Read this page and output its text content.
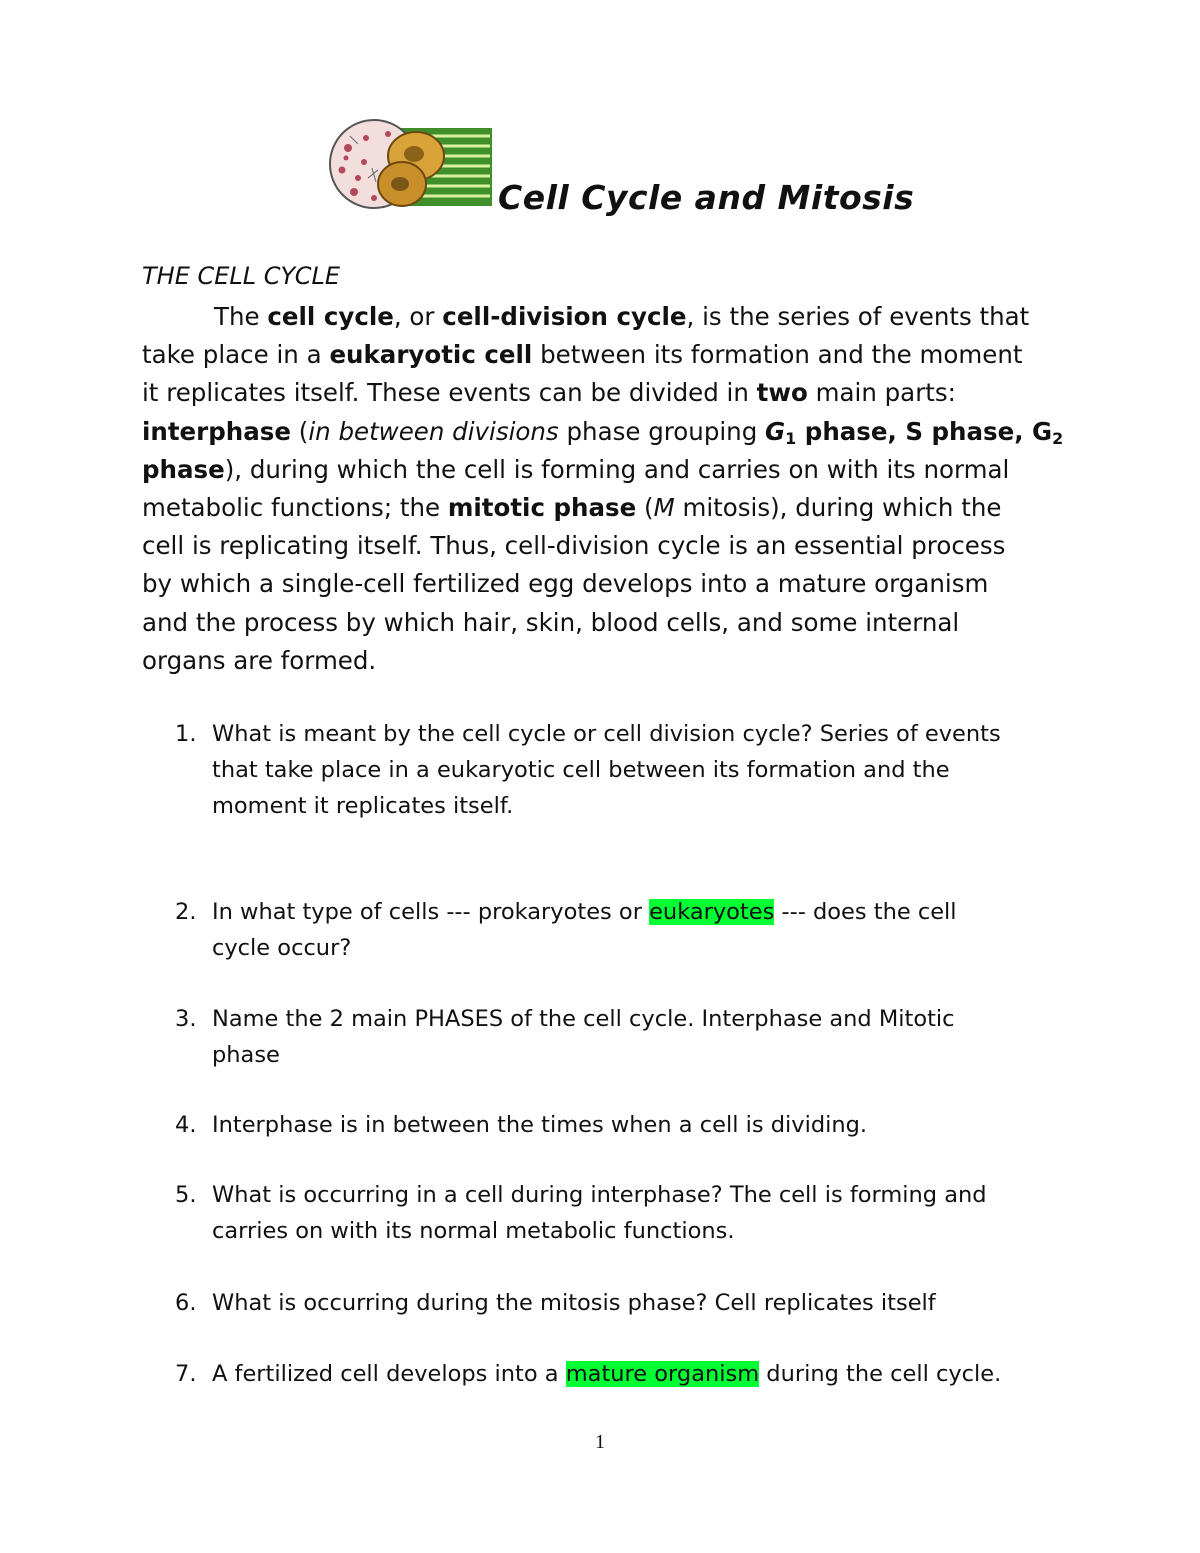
Cell Cycle and Mitosis
THE CELL CYCLE
The cell cycle, or cell-division cycle, is the series of events that
take place in a eukaryotic cell between its formation and the moment
it replicates itself. These events can be divided in two main parts:
interphase (in between divisions phase grouping $G_1$ phase, S phase, $G_2$
phase), during which the cell is forming and carries on with its normal
metabolic functions; the mitotic phase (M mitosis), during which the
cell is replicating itself. Thus, cell-division cycle is an essential process
by which a single-cell fertilized egg develops into a mature organism
and the process by which hair, skin, blood cells, and some internal
organs are formed.
1. What is meant by the cell cycle or cell division cycle? Series of events
that take place in a eukaryotic cell between its formation and the
moment it replicates itself.
2. In what type of cells --- prokaryotes or eukaryotes --- does the cell
cycle occur?
3. Name the 2 main PHASES of the cell cycle. Interphase and Mitotic
phase
4. Interphase is in between the times when a cell is dividing.
5. What is occurring in a cell during interphase? The cell is forming and
carries on with its normal metabolic functions.
6. What is occurring during the mitosis phase? Cell replicates itself
7. A fertilized cell develops into a mature organism during the cell cycle.
1
